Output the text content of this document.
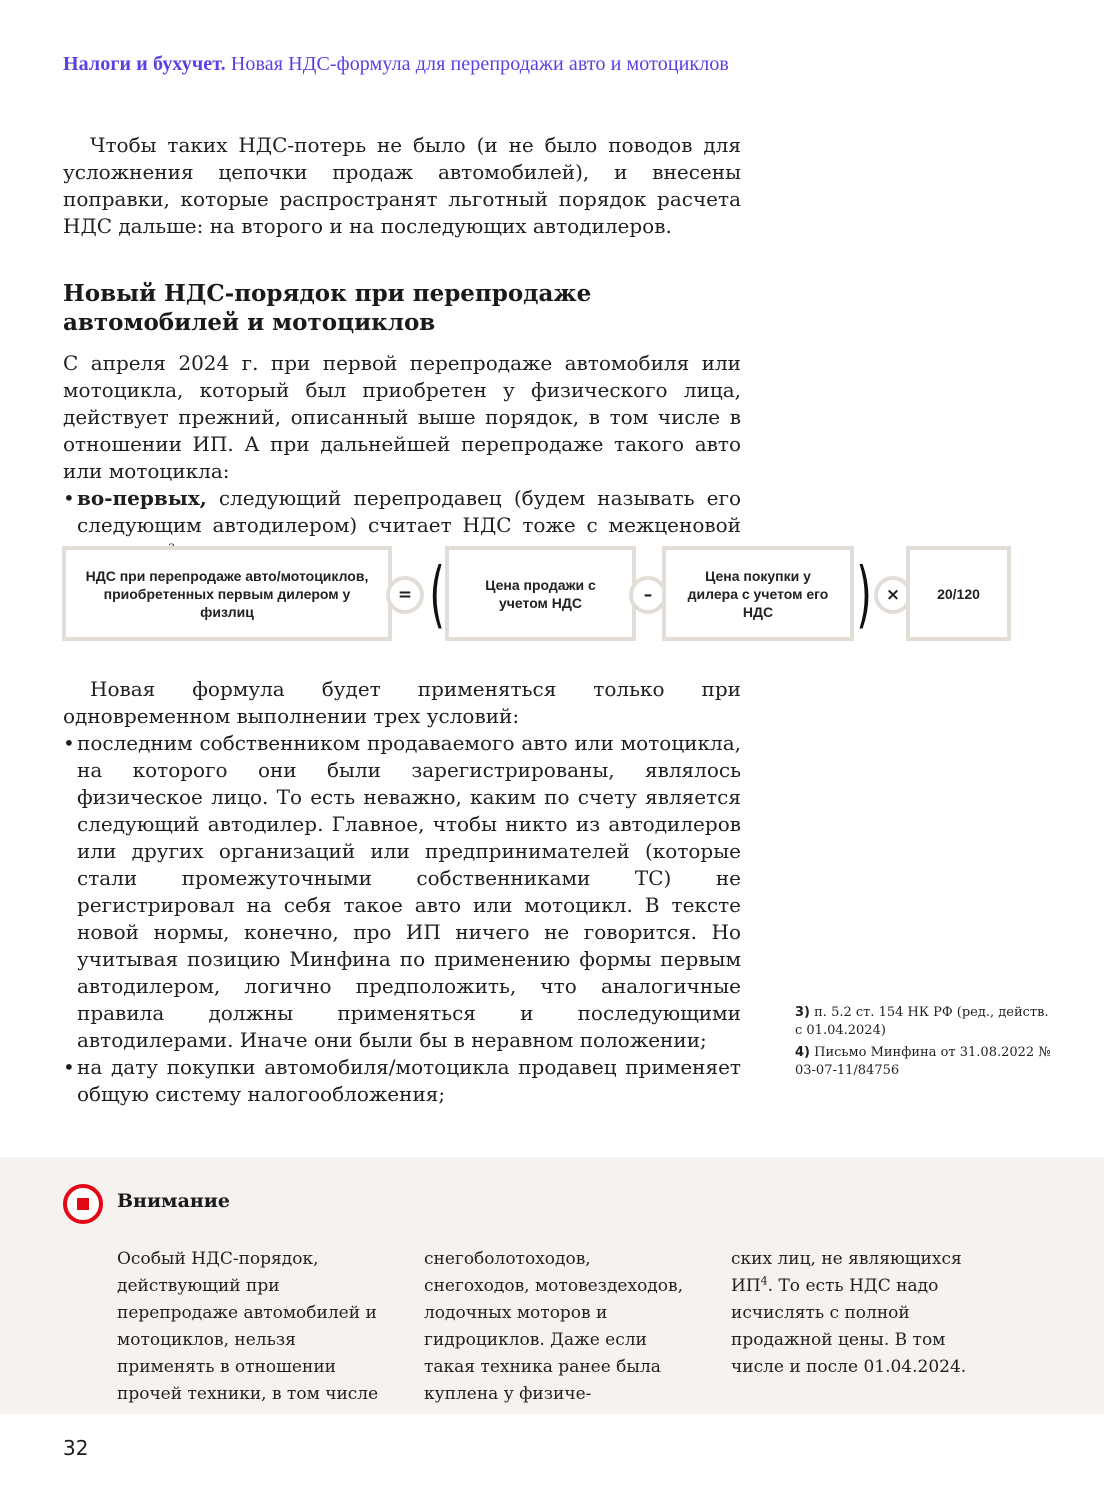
Налоги и бухучет. Новая НДС-формула для перепродажи авто и мотоциклов

Чтобы таких НДС-потерь не было (и не было поводов для усложнения цепочки продаж автомобилей), и внесены поправки, которые распространят льготный порядок расчета НДС дальше: на второго и на последующих автодилеров.

Новый НДС-порядок при перепродаже автомобилей и мотоциклов

С апреля 2024 г. при первой перепродаже автомобиля или мотоцикла, который был приобретен у физического лица, действует прежний, описанный выше порядок, в том числе в отношении ИП. А при дальнейшей перепродаже такого авто или мотоцикла:

• во-первых, следующий перепродавец (будем называть его следующим автодилером) считает НДС тоже с межценовой
НДС при перепродаже авто/мотоциклов, приобретенных первым дилером у физлиц
= (	Цена продажи с учетом НДС	–
Цена покупки у дилера с учетом его НДС	) ×	20/120

Новая формула будет применяться только при одновременном выполнении трех условий:

• последним собственником продаваемого авто или мотоцикла, на которого они были зарегистрированы, являлось физическое лицо. То есть неважно, каким по счету является следующий автодилер. Главное, чтобы никто из автодилеров или других организаций или предпринимателей (которые стали промежуточными собственниками ТС) не регистрировал на себя такое авто или мотоцикл. В тексте новой нормы, конечно, про ИП ничего не говорится. Но учитывая позицию Минфина по применению формы первым автодилером, логично предположить, что аналогичные правила должны применяться и последующими автодилерами. Иначе они были бы в неравном положении;
• на дату покупки автомобиля/мотоцикла продавец применяет общую систему налогообложения;

3) п. 5.2 ст. 154 НК РФ (ред., действ. с 01.04.2024)

4) Письмо Минфина от 31.08.2022 № 03-07-11/84756

Внимание
Особый НДС-порядок, действующий при перепродаже автомобилей и мотоциклов, нельзя применять в отношении прочей техники, в том числе
снегоболотоходов, снегоходов, мотовездеходов, лодочных моторов и гидроциклов. Даже если такая техника ранее была куплена у физиче-
ских лиц, не являющихся $ИП^4$. То есть НДС надо исчислять с полной продажной цены. В том числе и после 01.04.2024.
32
